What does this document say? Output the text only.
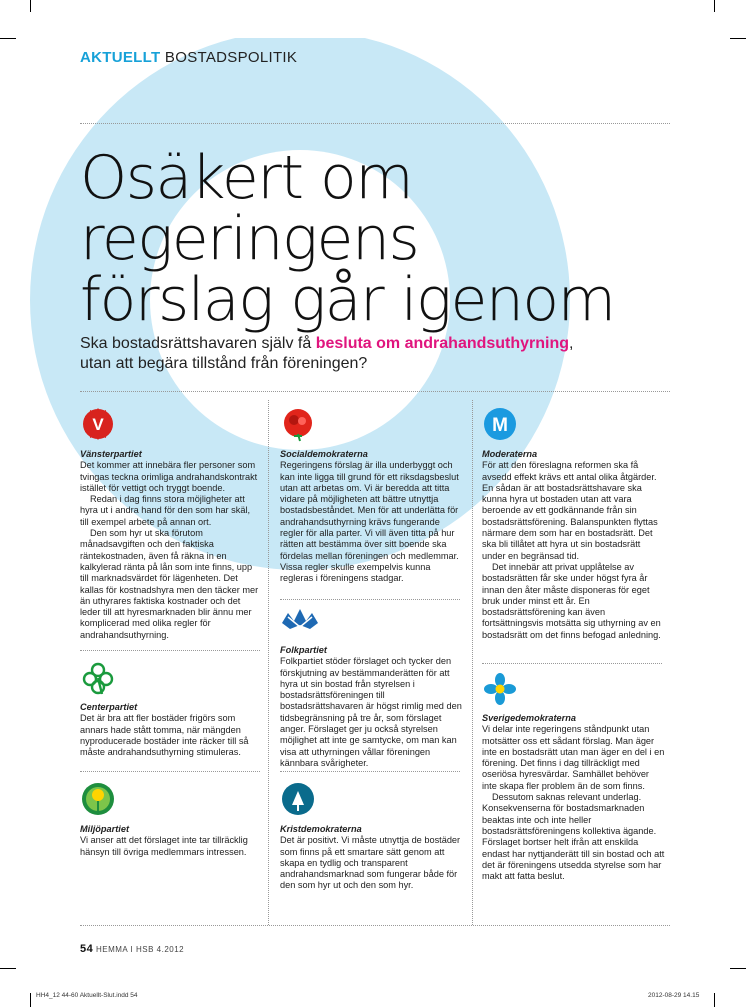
AKTUELLT BOSTADSPOLITIK
Osäkert om regeringens
förslag går igenom
Ska bostadsrättshavaren själv få besluta om andrahandsuthyrning,
utan att begära tillstånd från föreningen?
V
Vänsterpartiet

Det kommer att innebära fler personer som tvingas teckna orimliga andrahandskontrakt istället för vettigt och tryggt boende.

Redan i dag finns stora möjligheter att hyra ut i andra hand för den som har skäl, till exempel arbete på annan ort.

Den som hyr ut ska förutom månadsavgiften och den faktiska räntekostnaden, även få räkna in en kalkylerad ränta på lån som inte finns, upp till marknadsvärdet för lägenheten. Det kallas för kostnadshyra men den täcker mer än uthyrares faktiska kostnader och det leder till att hyresmarknaden blir ännu mer komplicerad med olika regler för andrahandsuthyrning.

Centerpartiet

Det är bra att fler bostäder frigörs som annars hade stått tomma, när mängden nyproducerade bostäder inte räcker till så måste andrahandsuthyrning stimuleras.

Miljöpartiet

Vi anser att det förslaget inte tar tillräcklig hänsyn till övriga medlemmars intressen.

Socialdemokraterna

Regeringens förslag är illa underbyggt och kan inte ligga till grund för ett riksdagsbeslut utan att arbetas om. Vi är beredda att titta vidare på möjligheten att bättre utnyttja bostadsbeståndet. Men för att underlätta för andrahandsuthyrning krävs fungerande regler för alla parter. Vi vill även titta på hur rätten att bestämma över sitt boende ska fördelas mellan föreningen och medlemmar. Vissa regler skulle exempelvis kunna regleras i föreningens stadgar.

Folkpartiet

Folkpartiet stöder förslaget och tycker den förskjutning av bestämmanderätten för att hyra ut sin bostad från styrelsen i bostadsrättsföreningen till bostadsrättshavaren är högst rimlig med den tidsbegränsning på tre år, som förslaget anger. Förslaget ger ju också styrelsen möjlighet att inte ge samtycke, om man kan visa att uthyrningen vållar föreningen kännbara svårigheter.

Kristdemokraterna

Det är positivt. Vi måste utnyttja de bostäder som finns på ett smartare sätt genom att skapa en tydlig och transparent andrahandsmarknad som fungerar både för den som hyr ut och den som hyr.

M
Moderaterna

För att den föreslagna reformen ska få avsedd effekt krävs ett antal olika åtgärder. En sådan är att bostadsrättshavare ska kunna hyra ut bostaden utan att vara beroende av ett godkännande från sin bostadsrättsförening. Balanspunkten flyttas närmare dem som har en bostadsrätt. Det ska bli tillåtet att hyra ut sin bostadsrätt under en begränsad tid.

Det innebär att privat upplåtelse av bostadsrätten får ske under högst fyra år innan den åter måste disponeras för eget bruk under minst ett år. En bostadsrättsförening kan även fortsättningsvis motsätta sig uthyrning av en bostadsrätt om det finns befogad anledning.

Sverigedemokraterna

Vi delar inte regeringens ståndpunkt utan motsätter oss ett sådant förslag. Man äger inte en bostadsrätt utan man äger en del i en förening. Det finns i dag tillräckligt med oseriösa hyresvärdar. Samhället behöver inte skapa fler problem än de som finns.

Dessutom saknas relevant underlag. Konsekvenserna för bostadsmarknaden beaktas inte och inte heller bostadsrättsföreningens kollektiva ägande. Förslaget bortser helt ifrån att enskilda endast har nyttjanderätt till sin bostad och att det är föreningens utsedda styrelse som har makt att fatta beslut.

54 HEMMA I HSB 4.2012
HH4_12 44-60 Aktuellt-Slut.indd 54	2012-08-29 14.15
